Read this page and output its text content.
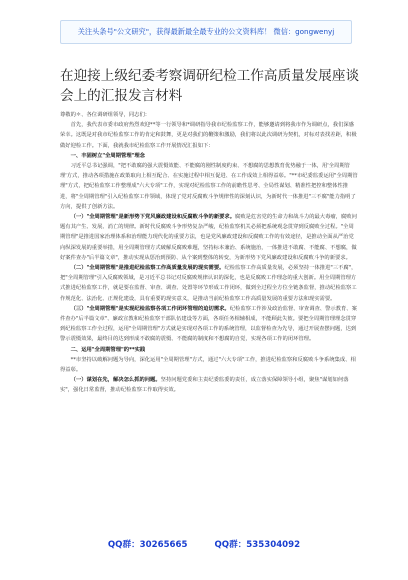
关注头条号"公文研究"，获得最新最全最专业的公文资料库！ 微信：gongwenyj
在迎接上级纪委考察调研纪检工作高质量发展座谈会上的汇报发言材料

尊敬的＊、各位调研组领导，同志们：

首先，我代表市委市政府热烈欢迎**等一行领导和*调研指导我市纪检监察工作，能够邀请到将我市作为调研点，我们深感荣幸。这既是对我市纪检监察工作的肯定和鼓舞，更是对我们的鞭策和激励，我们将以此次调研为契机，对标对表找差距，积极做好迎检工作。下面，我就我市纪检监察工作开展情况汇报如下：

一、丰固树立"全周期管理"理念

习近平总书记强调，"把不敢腐的强大震慑效能、不能腐的刚性制度约束、不想腐的思想教育优势融于一体，用'全周期管理'方式，推动各项措施在政策取向上相互配合、在实施过程中相互促进、在工作成效上相得益彰。"**市纪委监委运用"全周期管理"方式，把纪检监察工作整理成"六大专项"工作，实现对纪检监察工作的前瞻性思考、全局性谋划、精准性把控和整体性推进，将"全周期管理"引入纪检监察工作领域，体现了党对反腐败斗争规律性的深刻认识，为新时代一体推进"三不腐"能力指明了方向，提供了创新方法。

（一）"全周期管理"是新形势下党风廉政建设和反腐败斗争的新要求。腐败是危害党的生命力和战斗力的最大毒瘤，腐败问题有其产生、发展、消亡的规律。新时代反腐败斗争形势复杂严峻，纪检监察机关必须把系统观念贯穿到反腐败全过程。"全周期管理"是推进国家治理体系和治理能力现代化的重要方法，也是党风廉政建设和反腐败工作的有效途径，是推动全面从严治党向纵深发展的重要举措，用全周期管理方式破解反腐败难题，坚持标本兼治、系统施治，一体推进不敢腐、不能腐、不想腐，做好案件查办"后半篇文章"，推动实现从惩治到预防、从个案到整体的转变，为新形势下党风廉政建设和反腐败斗争的新要求。

（二）"全周期管理"是推进纪检监察工作高质量发展的现实需要。纪检监察工作高质量发展，必须坚持一体推进"三不腐"，把"全周期管理"引入反腐败领域，是习近平总书记对反腐败规律认识的深化，也是反腐败工作理念的重大创新。用全周期管理方式推进纪检监察工作，就是要在监督、审查、调查、处置等环节形成工作闭环，做到全过程全方位全链条监督，推动纪检监察工作规范化、法治化、正规化建设，具有重要的现实意义，是推动当前纪检监察工作高质量发展的重要方法和现实需要。

（三）"全周期管理"是实现纪检监察各项工作闭环管理的迫切需求。纪检监察工作涉及政治监督、审查调查、警示教育、案件查办"后半篇文章"、廉政宣教和纪检监察干部队伍建设等方面，各项任务相辅相成，不能顾此失彼。要把全周期管理理念贯穿到纪检监察工作全过程，运用"全周期管理"方式就是实现对各项工作的系统管理，以监督检查为先导，通过开展查摆问题，达到警示震慑效果，最终目的达到形成不敢腐的震慑、不能腐的制度和不想腐的自觉，实现各项工作的闭环管理。

二、运用"全周期管理"的**实践

**市坚持以破解问题为导向，深化运用"全周期管理"方式，通过"六大专项"工作，推进纪检监察和反腐败斗争系统集成、相得益彰。

（一）谋划在先，解决怎么抓的问题。坚持问题党委和主责纪委监委的责任，成立落实保障领导小组，聚焦"谋划如何落实"，强化日常监督，推动纪检监察工作取得实效。

QQ群：30265665	QQ群：535304092
